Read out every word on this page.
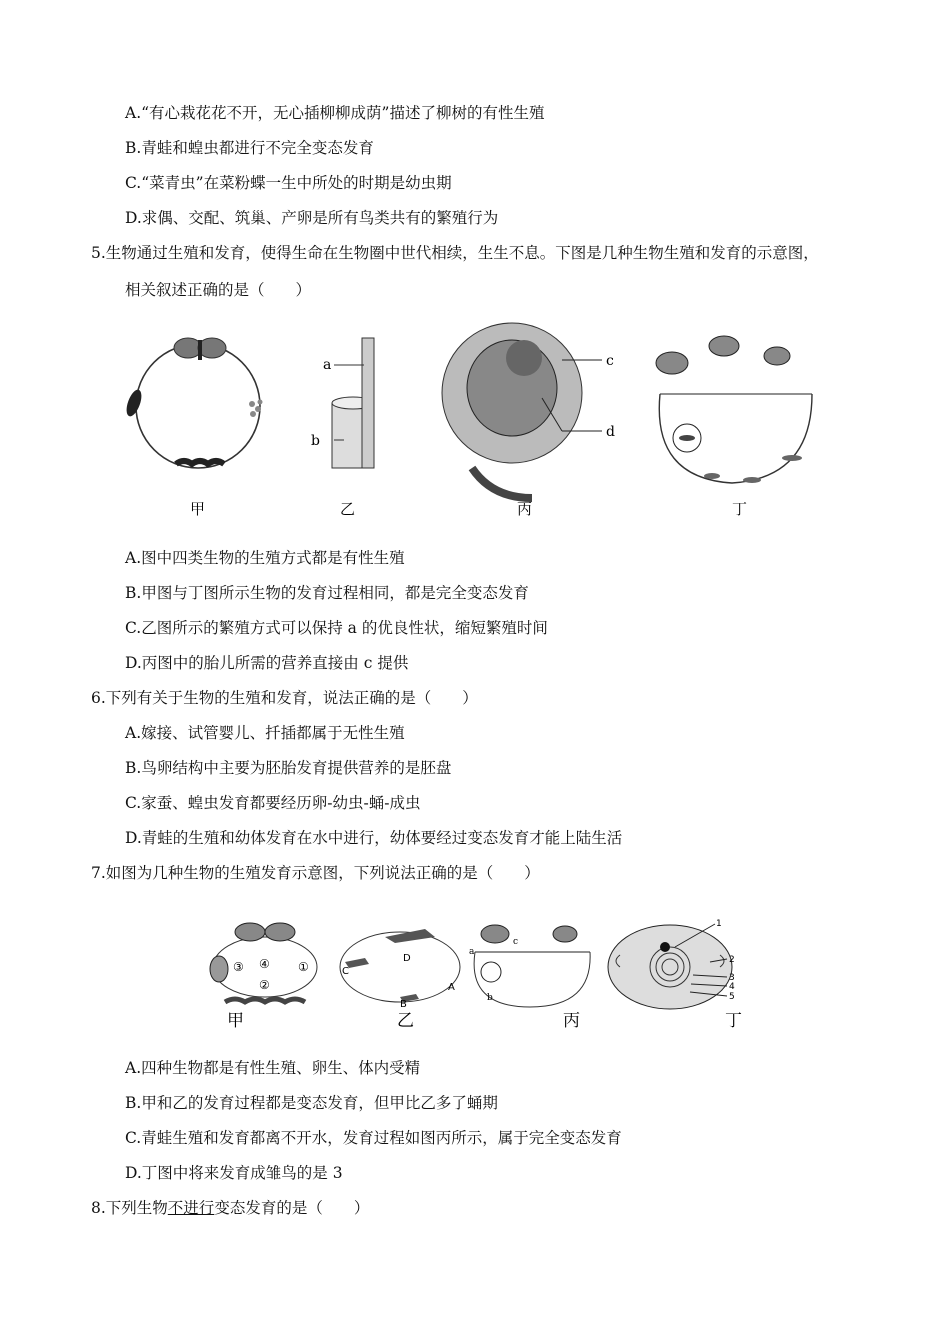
A.“有心栽花花不开，无心插柳柳成荫”描述了柳树的有性生殖
B.青蛙和蝗虫都进行不完全变态发育
C.“菜青虫”在菜粉蝶一生中所处的时期是幼虫期
D.求偶、交配、筑巢、产卵是所有鸟类共有的繁殖行为
5.生物通过生殖和发育，使得生命在生物圈中世代相续，生生不息。下图是几种生物生殖和发育的示意图，
相关叙述正确的是（　　）
a
b
c
d
甲	乙	丙	丁
A.图中四类生物的生殖方式都是有性生殖
B.甲图与丁图所示生物的发育过程相同，都是完全变态发育
C.乙图所示的繁殖方式可以保持 a 的优良性状，缩短繁殖时间
D.丙图中的胎儿所需的营养直接由 c 提供
6.下列有关于生物的生殖和发育，说法正确的是（　　）
A.嫁接、试管婴儿、扦插都属于无性生殖
B.鸟卵结构中主要为胚胎发育提供营养的是胚盘
C.家蚕、蝗虫发育都要经历卵-幼虫-蛹-成虫
D.青蛙的生殖和幼体发育在水中进行，幼体要经过变态发育才能上陆生活
7.如图为几种生物的生殖发育示意图，下列说法正确的是（　　）
①
②
③ ④	D
C
B
A
a
b
c
1
2
3
4
5
甲	乙	丙	丁
A.四种生物都是有性生殖、卵生、体内受精
B.甲和乙的发育过程都是变态发育，但甲比乙多了蛹期
C.青蛙生殖和发育都离不开水，发育过程如图丙所示，属于完全变态发育
D.丁图中将来发育成雏鸟的是 3
8.下列生物不进行变态发育的是（　　）
